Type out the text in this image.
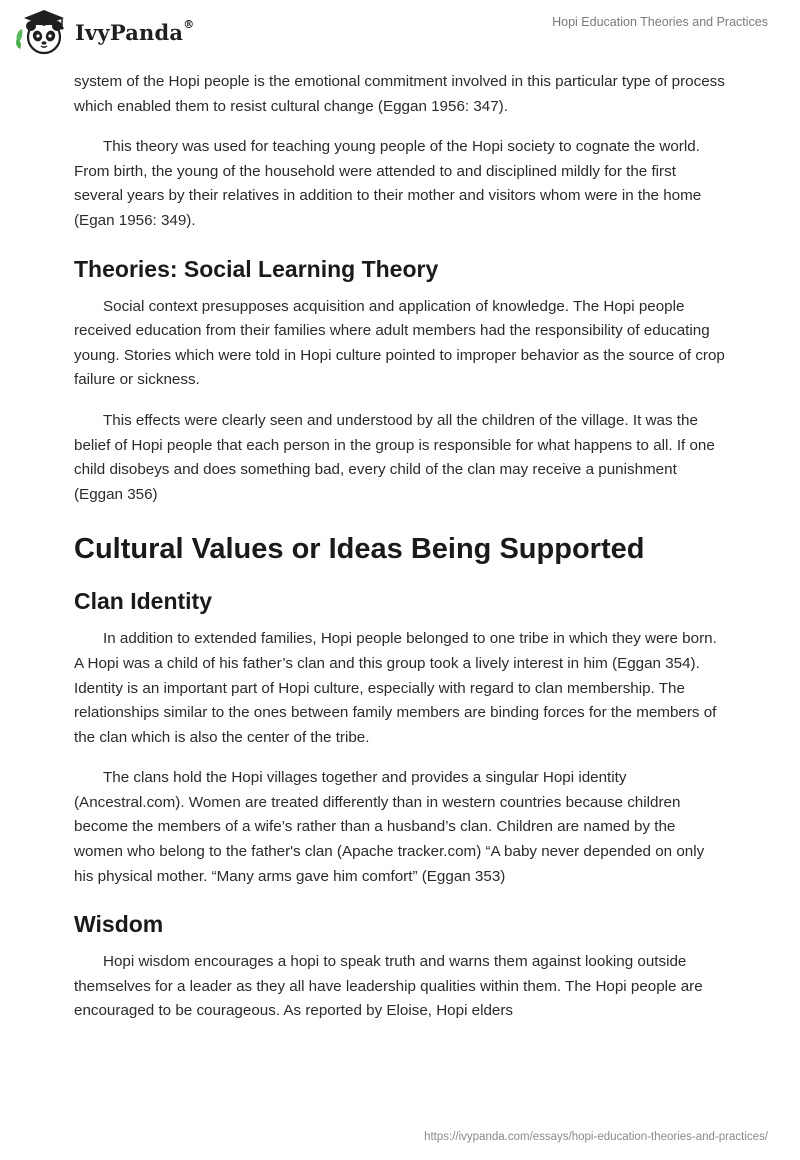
IvyPanda®	Hopi Education Theories and Practices

system of the Hopi people is the emotional commitment involved in this particular type of process which enabled them to resist cultural change (Eggan 1956: 347).

This theory was used for teaching young people of the Hopi society to cognate the world. From birth, the young of the household were attended to and disciplined mildly for the first several years by their relatives in addition to their mother and visitors whom were in the home (Egan 1956: 349).

Theories: Social Learning Theory

Social context presupposes acquisition and application of knowledge. The Hopi people received education from their families where adult members had the responsibility of educating young. Stories which were told in Hopi culture pointed to improper behavior as the source of crop failure or sickness.

This effects were clearly seen and understood by all the children of the village. It was the belief of Hopi people that each person in the group is responsible for what happens to all. If one child disobeys and does something bad, every child of the clan may receive a punishment (Eggan 356)

Cultural Values or Ideas Being Supported
Clan Identity

In addition to extended families, Hopi people belonged to one tribe in which they were born. A Hopi was a child of his father’s clan and this group took a lively interest in him (Eggan 354). Identity is an important part of Hopi culture, especially with regard to clan membership. The relationships similar to the ones between family members are binding forces for the members of the clan which is also the center of the tribe.

The clans hold the Hopi villages together and provides a singular Hopi identity (Ancestral.com). Women are treated differently than in western countries because children become the members of a wife’s rather than a husband’s clan. Children are named by the women who belong to the father's clan (Apache tracker.com) “A baby never depended on only his physical mother. “Many arms gave him comfort” (Eggan 353)

Wisdom

Hopi wisdom encourages a hopi to speak truth and warns them against looking outside themselves for a leader as they all have leadership qualities within them. The Hopi people are encouraged to be courageous. As reported by Eloise, Hopi elders

https://ivypanda.com/essays/hopi-education-theories-and-practices/
